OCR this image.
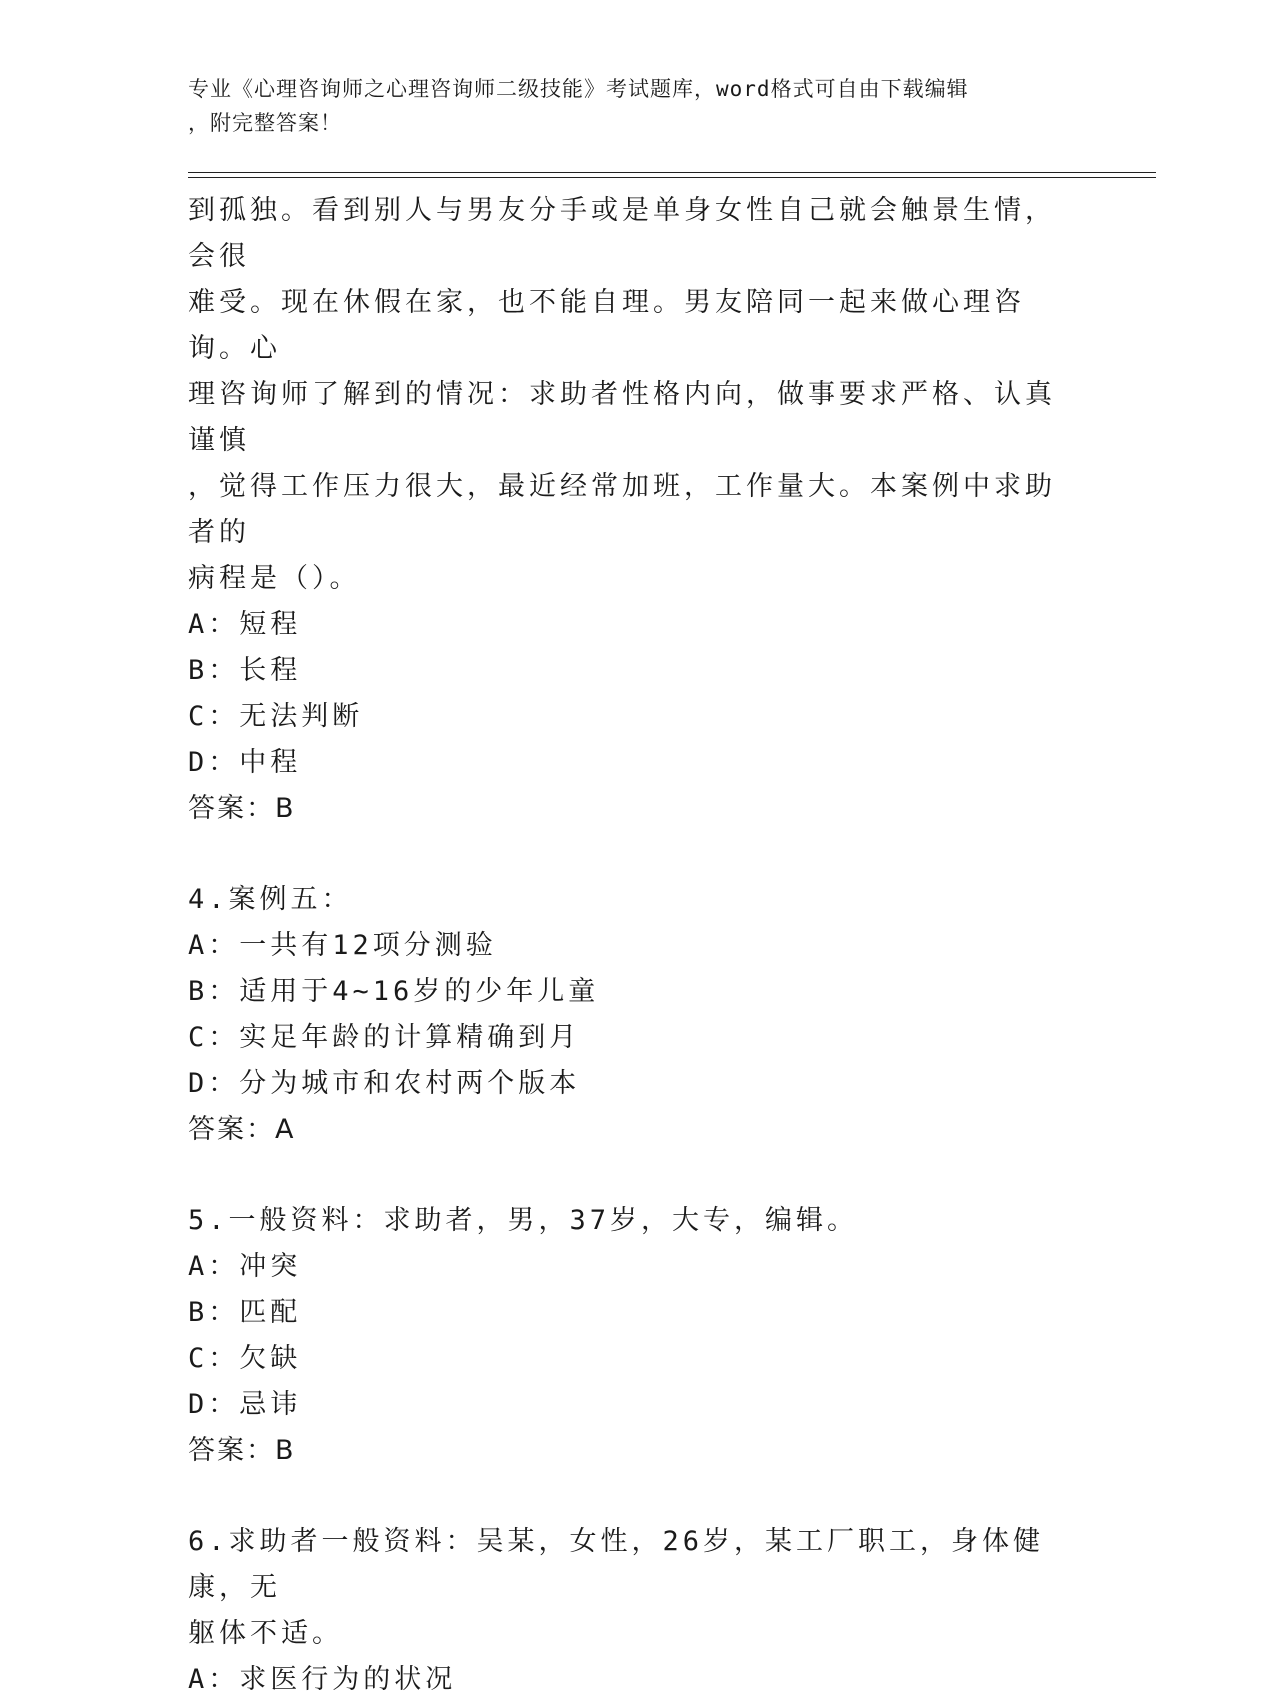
专业《心理咨询师之心理咨询师二级技能》考试题库，word格式可自由下载编辑
，附完整答案！
到孤独。看到别人与男友分手或是单身女性自己就会触景生情，会很
难受。现在休假在家，也不能自理。男友陪同一起来做心理咨询。心
理咨询师了解到的情况：求助者性格内向，做事要求严格、认真谨慎
，觉得工作压力很大，最近经常加班，工作量大。本案例中求助者的
病程是（）。
A：短程
B：长程
C：无法判断
D：中程
答案：B
4.案例五：
A：一共有12项分测验
B：适用于4~16岁的少年儿童
C：实足年龄的计算精确到月
D：分为城市和农村两个版本
答案：A
5.一般资料：求助者，男，37岁，大专，编辑。
A：冲突
B：匹配
C：欠缺
D：忌讳
答案：B
6.求助者一般资料：吴某，女性，26岁，某工厂职工，身体健康，无
躯体不适。
A：求医行为的状况
